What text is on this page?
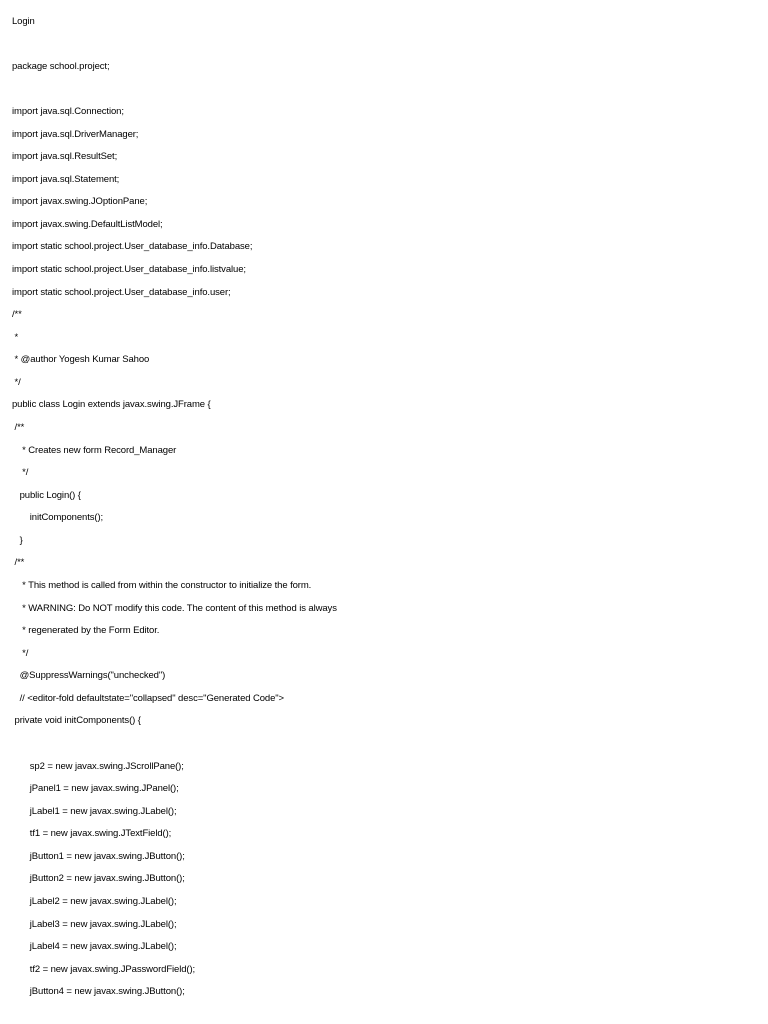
Login
package school.project;
import java.sql.Connection;
import java.sql.DriverManager;
import java.sql.ResultSet;
import java.sql.Statement;
import javax.swing.JOptionPane;
import javax.swing.DefaultListModel;
import static school.project.User_database_info.Database;
import static school.project.User_database_info.listvalue;
import static school.project.User_database_info.user;
/**
*
* @author Yogesh Kumar Sahoo
*/
public class Login extends javax.swing.JFrame {
/**
* Creates new form Record_Manager
*/
public Login() {
initComponents();
}
/**
* This method is called from within the constructor to initialize the form.
* WARNING: Do NOT modify this code. The content of this method is always
* regenerated by the Form Editor.
*/
@SuppressWarnings("unchecked")
// <editor-fold defaultstate="collapsed" desc="Generated Code">
private void initComponents() {
sp2 = new javax.swing.JScrollPane();
jPanel1 = new javax.swing.JPanel();
jLabel1 = new javax.swing.JLabel();
tf1 = new javax.swing.JTextField();
jButton1 = new javax.swing.JButton();
jButton2 = new javax.swing.JButton();
jLabel2 = new javax.swing.JLabel();
jLabel3 = new javax.swing.JLabel();
jLabel4 = new javax.swing.JLabel();
tf2 = new javax.swing.JPasswordField();
jButton4 = new javax.swing.JButton();
